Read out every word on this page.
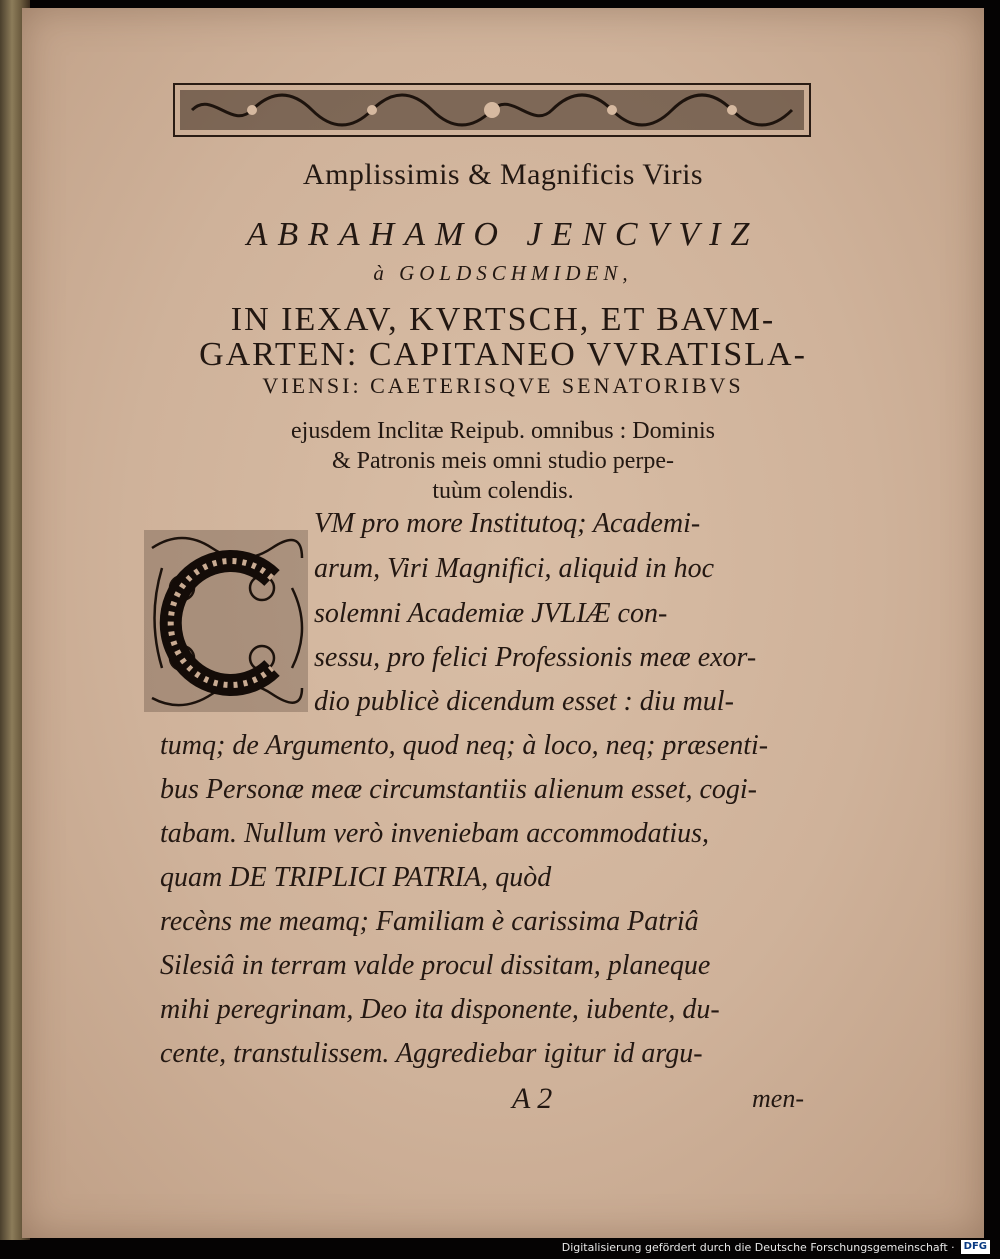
Amplissimis & Magnificis Viris
ABRAHAMO JENCVVIZ
à GOLDSCHMIDEN,
IN IEXAV, KVRTSCH, ET BAVM-
GARTEN: CAPITANEO VVRATISLA-
VIENSI: CAETERISQVE SENATORIBVS
ejusdem Inclitæ Reipub. omnibus : Dominis
& Patronis meis omni studio perpe-
tuùm colendis.
VM pro more Institutoq; Academi-
arum, Viri Magnifici, aliquid in hoc
solemni Academiæ JVLIÆ con-
sessu, pro felici Professionis meæ exor-
dio publicè dicendum esset : diu mul-
tumq; de Argumento, quod neq; à loco, neq; præsenti-
bus Personæ meæ circumstantiis alienum esset, cogi-
tabam. Nullum verò inveniebam accommodatius,
quam DE TRIPLICI PATRIA, quòd
recèns me meamq; Familiam è carissima Patriâ
Silesiâ in terram valde procul dissitam, planeque
mihi peregrinam, Deo ita disponente, iubente, du-
cente, transtulissem. Aggrediebar igitur id argu-
A 2	men-
Digitalisierung gefördert durch die Deutsche Forschungsgemeinschaft · DFG
